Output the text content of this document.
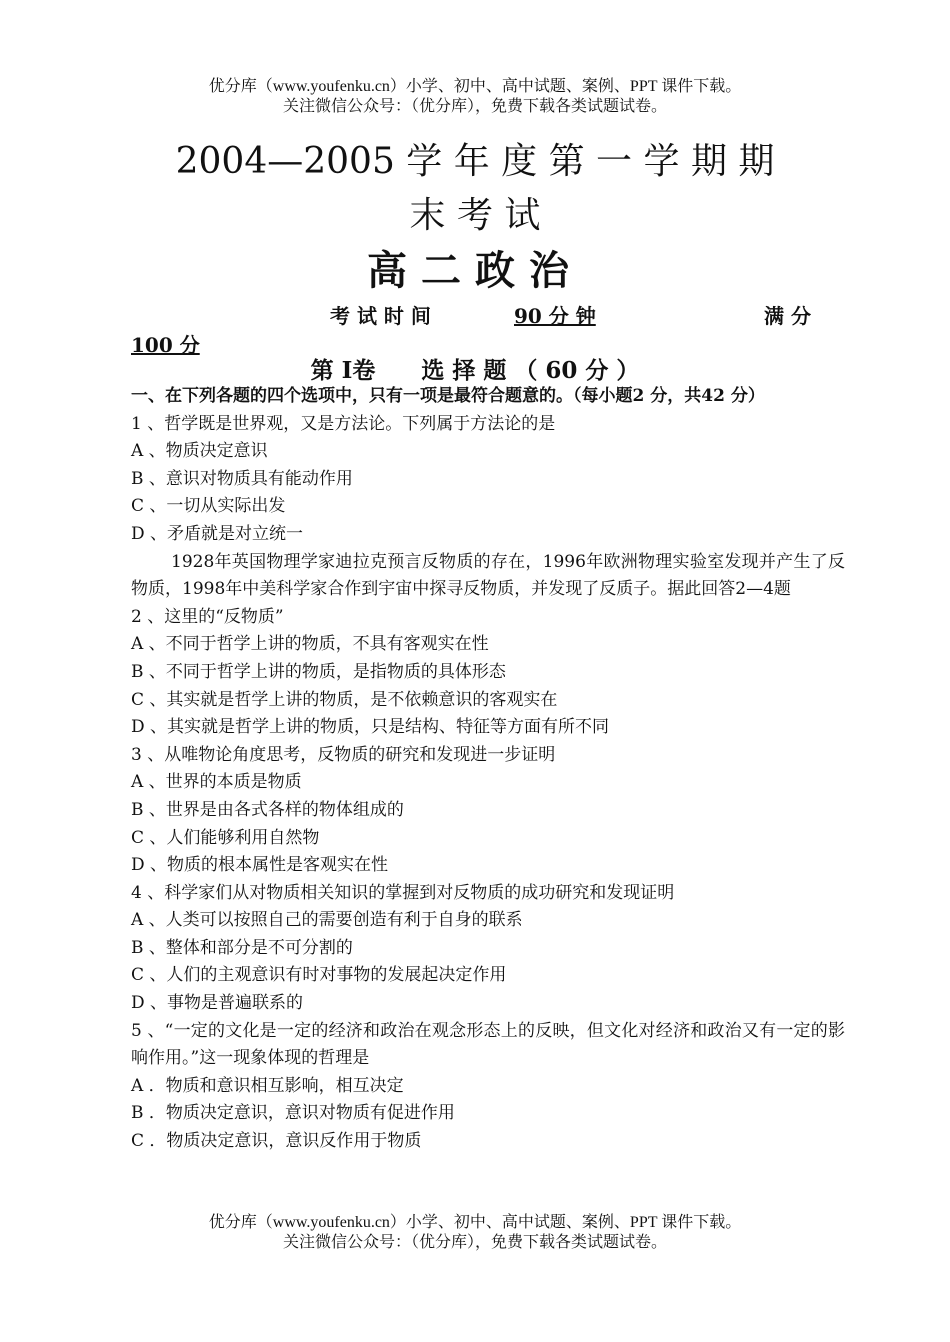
优分库（www.youfenku.cn）小学、初中、高中试题、案例、PPT 课件下载。
关注微信公众号：（优分库），免费下载各类试题试卷。
2004—2005 学 年 度 第 一 学 期 期
末 考 试
高二政治
考 试 时 间	90 分 钟	满 分
100 分
第 I卷　　选 择 题 （ 60 分 ）
一、在下列各题的四个选项中，只有一项是最符合题意的。（每小题2 分，共42 分）
1 、哲学既是世界观，又是方法论。下列属于方法论的是
A 、物质决定意识
B 、意识对物质具有能动作用
C 、一切从实际出发
D 、矛盾就是对立统一
1928年英国物理学家迪拉克预言反物质的存在，1996年欧洲物理实验室发现并产生了反物质，1998年中美科学家合作到宇宙中探寻反物质，并发现了反质子。据此回答2—4题
2 、这里的“反物质”
A 、不同于哲学上讲的物质，不具有客观实在性
B 、不同于哲学上讲的物质，是指物质的具体形态
C 、其实就是哲学上讲的物质，是不依赖意识的客观实在
D 、其实就是哲学上讲的物质，只是结构、特征等方面有所不同
3 、从唯物论角度思考，反物质的研究和发现进一步证明
A 、世界的本质是物质
B 、世界是由各式各样的物体组成的
C 、人们能够利用自然物
D 、物质的根本属性是客观实在性
4 、科学家们从对物质相关知识的掌握到对反物质的成功研究和发现证明
A 、人类可以按照自己的需要创造有利于自身的联系
B 、整体和部分是不可分割的
C 、人们的主观意识有时对事物的发展起决定作用
D 、事物是普遍联系的
5 、“一定的文化是一定的经济和政治在观念形态上的反映，但文化对经济和政治又有一定的影响作用。”这一现象体现的哲理是
A ．物质和意识相互影响，相互决定
B ．物质决定意识，意识对物质有促进作用
C ．物质决定意识，意识反作用于物质
优分库（www.youfenku.cn）小学、初中、高中试题、案例、PPT 课件下载。
关注微信公众号：（优分库），免费下载各类试题试卷。
